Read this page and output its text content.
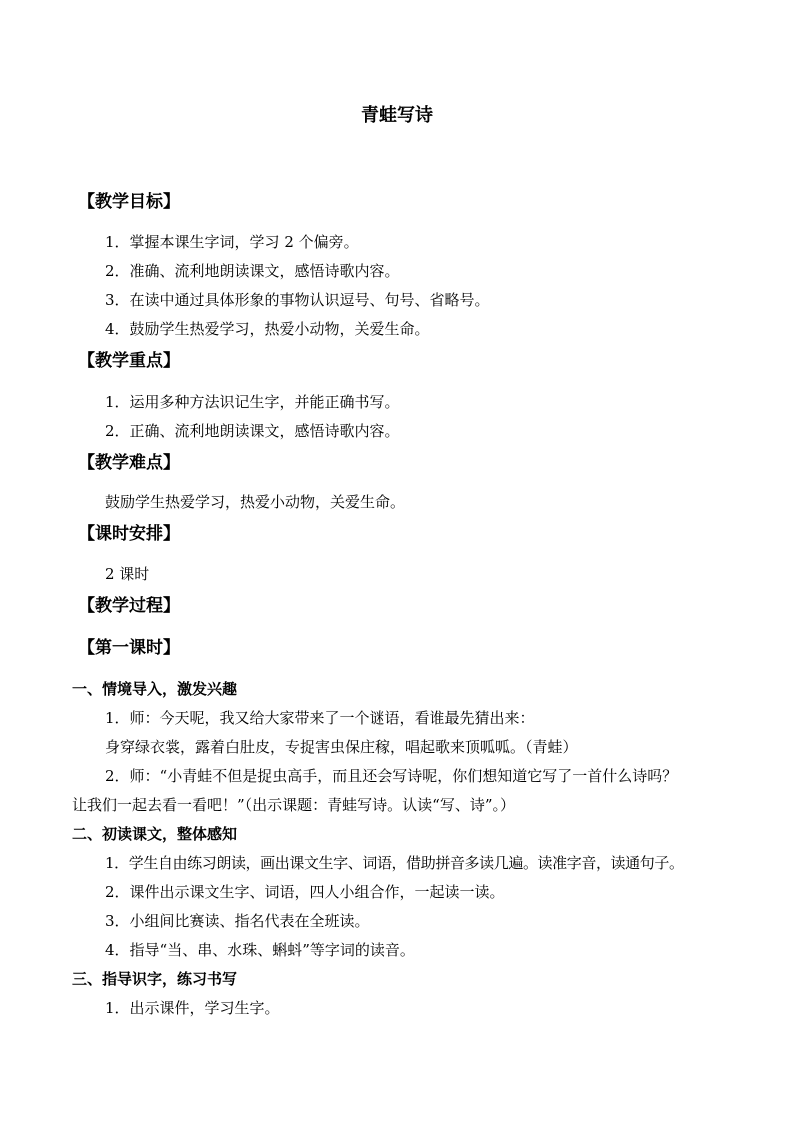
青蛙写诗
【教学目标】
1．掌握本课生字词，学习 2 个偏旁。
2．准确、流利地朗读课文，感悟诗歌内容。
3．在读中通过具体形象的事物认识逗号、句号、省略号。
4．鼓励学生热爱学习，热爱小动物，关爱生命。
【教学重点】
1．运用多种方法识记生字，并能正确书写。
2．正确、流利地朗读课文，感悟诗歌内容。
【教学难点】
鼓励学生热爱学习，热爱小动物，关爱生命。
【课时安排】
2 课时
【教学过程】
【第一课时】
一、情境导入，激发兴趣
1．师：今天呢，我又给大家带来了一个谜语，看谁最先猜出来：
身穿绿衣裳，露着白肚皮，专捉害虫保庄稼，唱起歌来顶呱呱。（青蛙）
2．师：“小青蛙不但是捉虫高手，而且还会写诗呢，你们想知道它写了一首什么诗吗？
让我们一起去看一看吧！”（出示课题：青蛙写诗。认读“写、诗”。）
二、初读课文，整体感知
1．学生自由练习朗读，画出课文生字、词语，借助拼音多读几遍。读准字音，读通句子。
2．课件出示课文生字、词语，四人小组合作，一起读一读。
3．小组间比赛读、指名代表在全班读。
4．指导“当、串、水珠、蝌蚪”等字词的读音。
三、指导识字，练习书写
1．出示课件，学习生字。
